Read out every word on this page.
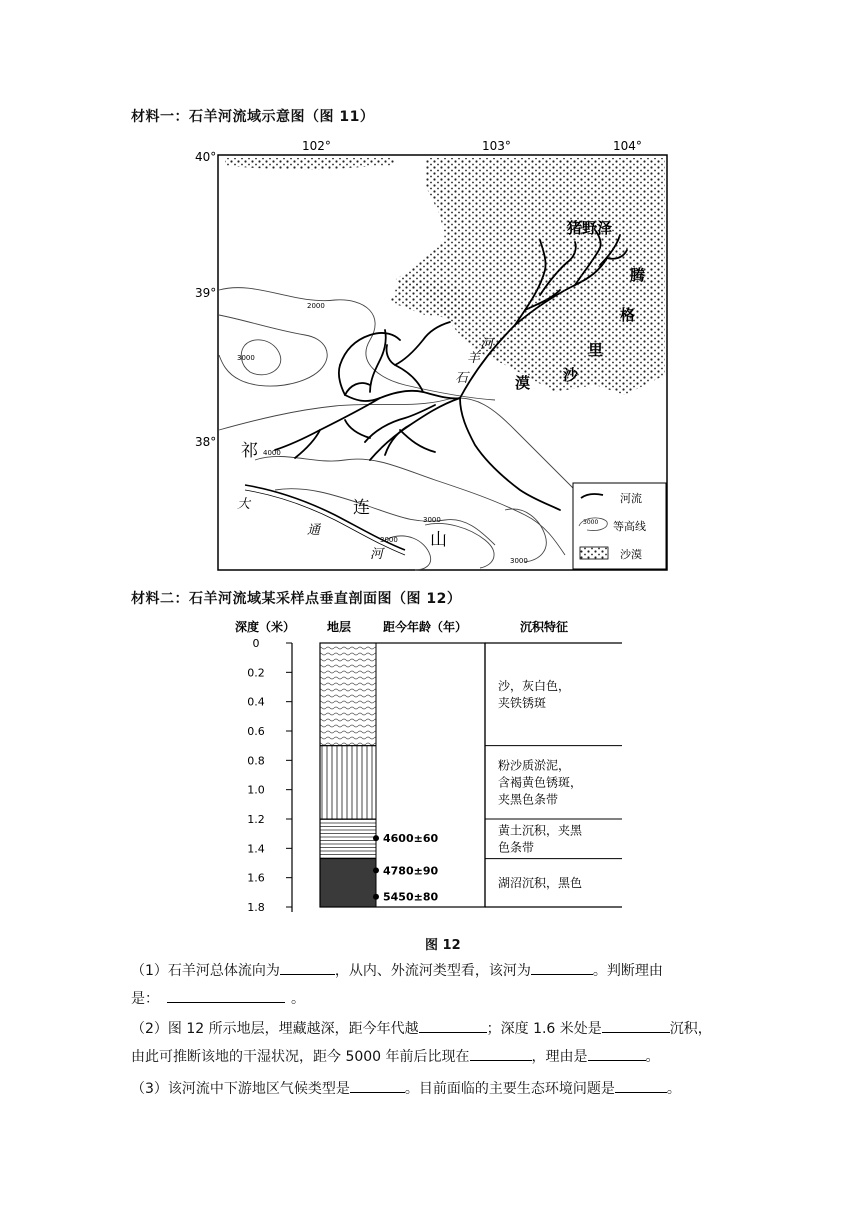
材料一：石羊河流域示意图（图 11）
102°	103°	104°
40°
39°
38°
2000
3000
4000
3000
3000
3000
猪野泽
腾
格
里
沙
漠
河
羊
石
祁
连
山
大
通
河
河流
3000 等高线
沙漠
材料二：石羊河流域某采样点垂直剖面图（图 12）
深度（米）	地层	距今年龄（年）	沉积特征
0
0.2
0.4
0.6
0.8
1.0
1.2
1.4
1.6
1.8
4600±60
4780±90
5450±80
沙，灰白色，
夹铁锈斑
粉沙质淤泥，
含褐黄色锈斑，
夹黑色条带
黄土沉积，夹黑
色条带
湖沼沉积，黑色
图 12
（1）石羊河总体流向为	，从内、外流河类型看，该河为	。判断理由
是：	。
（2）图 12 所示地层，埋藏越深，距今年代越	；深度 1.6 米处是	沉积，
由此可推断该地的干湿状况，距今 5000 年前后比现在	，理由是	。
（3）该河流中下游地区气候类型是	。目前面临的主要生态环境问题是	。
